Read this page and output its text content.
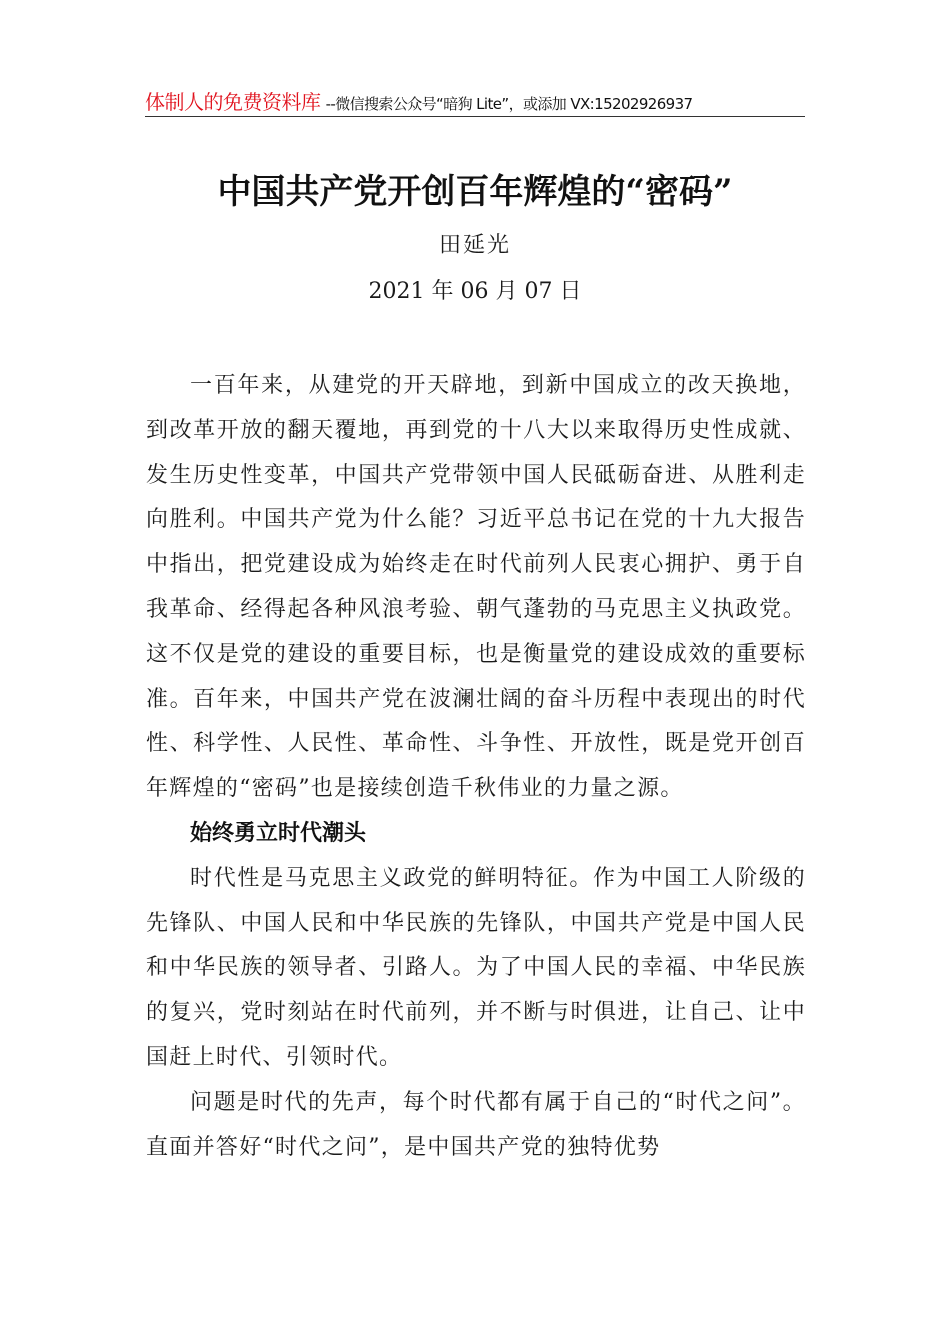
体制人的免费资料库 --微信搜索公众号“暗狗 Lite”，或添加 VX:15202926937
中国共产党开创百年辉煌的“密码”
田延光
2021 年 06 月 07 日

一百年来，从建党的开天辟地，到新中国成立的改天换地，到改革开放的翻天覆地，再到党的十八大以来取得历史性成就、发生历史性变革，中国共产党带领中国人民砥砺奋进、从胜利走向胜利。中国共产党为什么能？习近平总书记在党的十九大报告中指出，把党建设成为始终走在时代前列人民衷心拥护、勇于自我革命、经得起各种风浪考验、朝气蓬勃的马克思主义执政党。这不仅是党的建设的重要目标，也是衡量党的建设成效的重要标准。百年来，中国共产党在波澜壮阔的奋斗历程中表现出的时代性、科学性、人民性、革命性、斗争性、开放性，既是党开创百年辉煌的“密码”也是接续创造千秋伟业的力量之源。

始终勇立时代潮头

时代性是马克思主义政党的鲜明特征。作为中国工人阶级的先锋队、中国人民和中华民族的先锋队，中国共产党是中国人民和中华民族的领导者、引路人。为了中国人民的幸福、中华民族的复兴，党时刻站在时代前列，并不断与时俱进，让自己、让中国赶上时代、引领时代。

问题是时代的先声，每个时代都有属于自己的“时代之问”。直面并答好“时代之问”，是中国共产党的独特优势
